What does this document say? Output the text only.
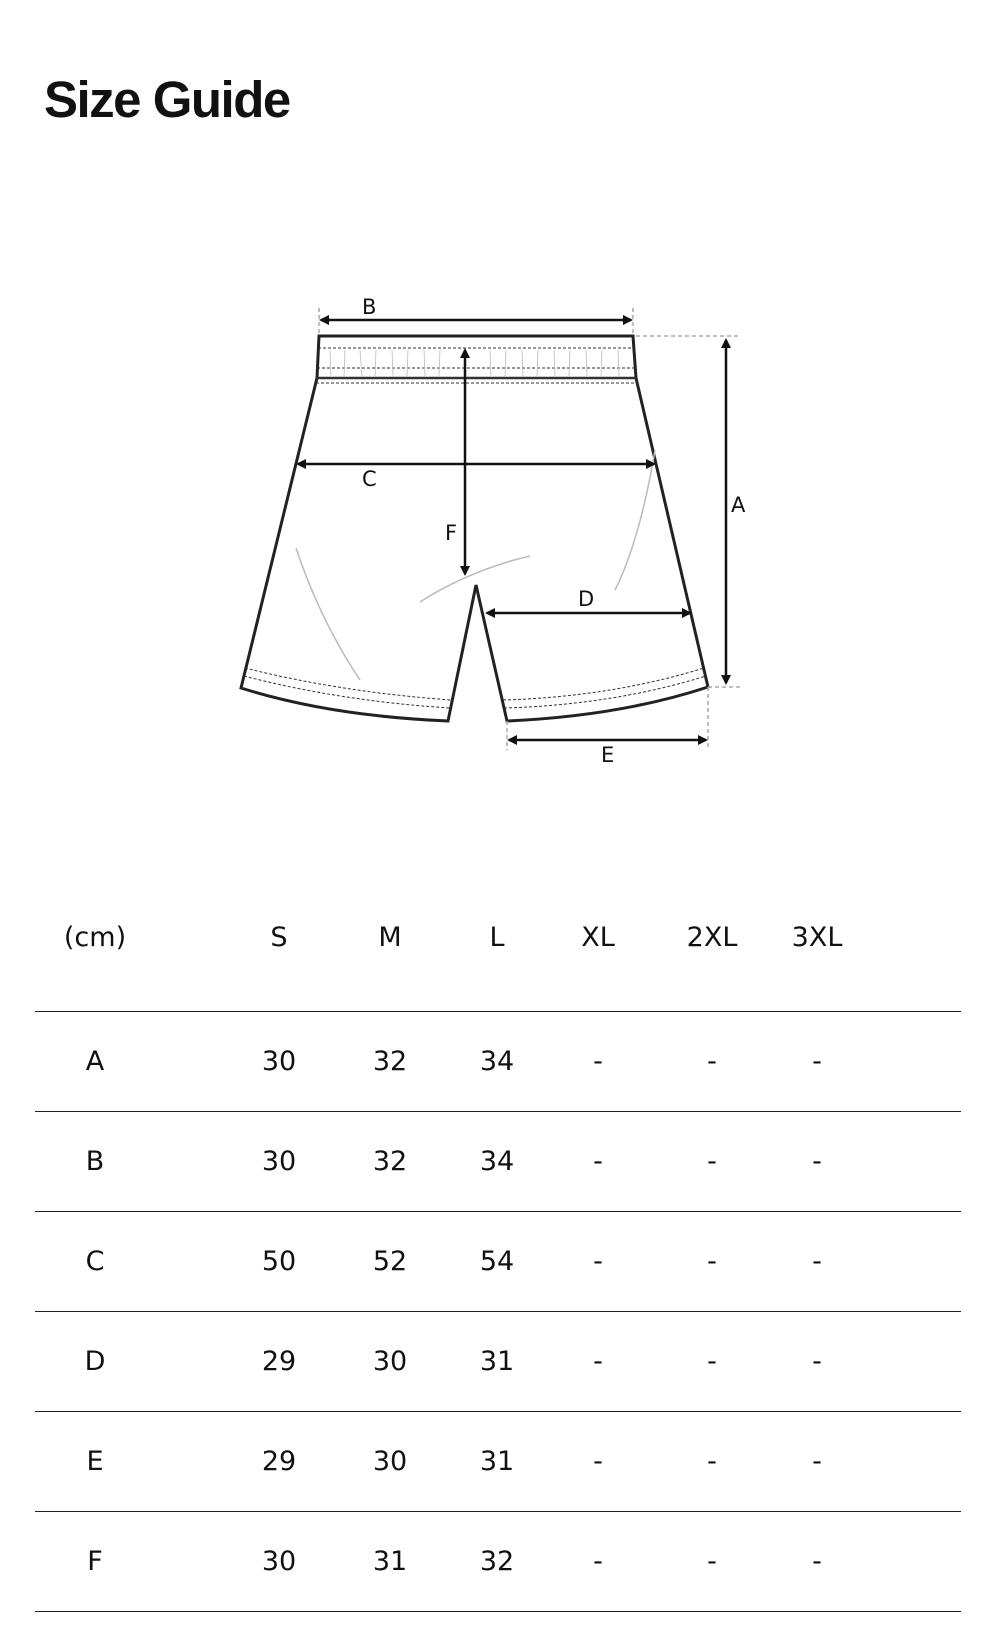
Size Guide
B
C
F
D
E
A
(cm)	S	M	L	XL	2XL	3XL
A	30	32	34	-	-	-
B	30	32	34	-	-	-
C	50	52	54	-	-	-
D	29	30	31	-	-	-
E	29	30	31	-	-	-
F	30	31	32	-	-	-
